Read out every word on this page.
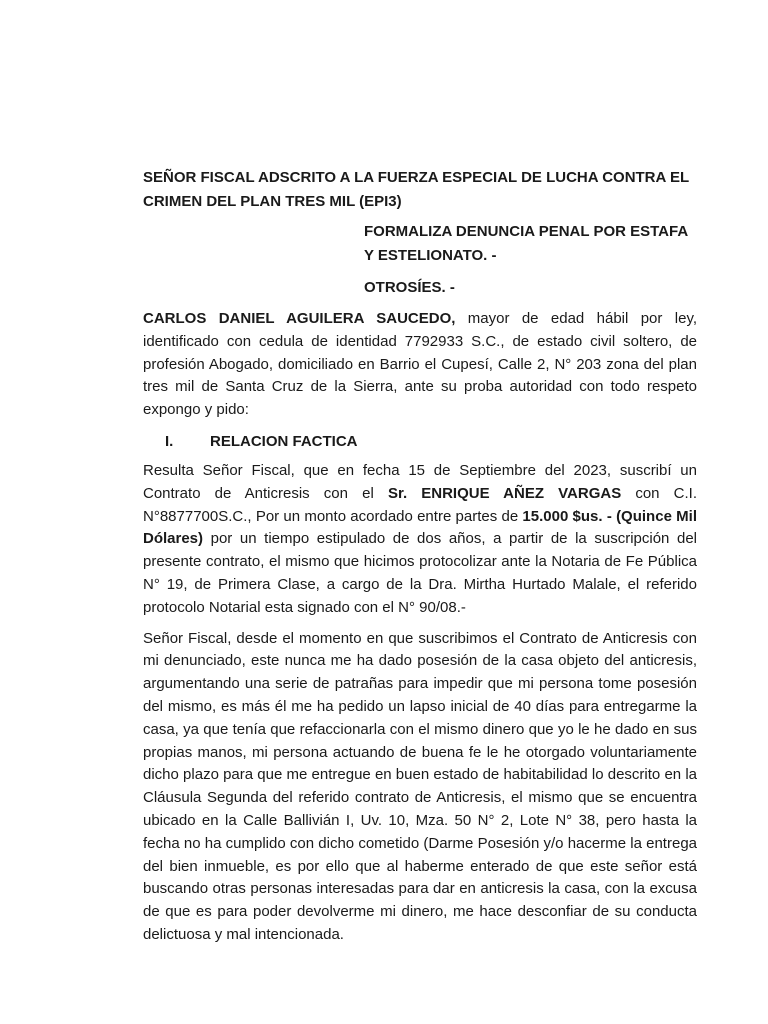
SEÑOR FISCAL ADSCRITO A LA FUERZA ESPECIAL DE LUCHA CONTRA EL CRIMEN DEL PLAN TRES MIL (EPI3)

FORMALIZA DENUNCIA PENAL POR ESTAFA

Y ESTELIONATO. -

OTROSÍES. -

CARLOS DANIEL AGUILERA SAUCEDO, mayor de edad hábil por ley, identificado con cedula de identidad 7792933 S.C., de estado civil soltero, de profesión Abogado, domiciliado en Barrio el Cupesí, Calle 2, N° 203 zona del plan tres mil de Santa Cruz de la Sierra, ante su proba autoridad con todo respeto expongo y pido:

I. RELACION FACTICA

Resulta Señor Fiscal, que en fecha 15 de Septiembre del 2023, suscribí un Contrato de Anticresis con el Sr. ENRIQUE AÑEZ VARGAS con C.I. N°8877700S.C., Por un monto acordado entre partes de 15.000 $us. - (Quince Mil Dólares) por un tiempo estipulado de dos años, a partir de la suscripción del presente contrato, el mismo que hicimos protocolizar ante la Notaria de Fe Pública N° 19, de Primera Clase, a cargo de la Dra. Mirtha Hurtado Malale, el referido protocolo Notarial esta signado con el N° 90/08.-

Señor Fiscal, desde el momento en que suscribimos el Contrato de Anticresis con mi denunciado, este nunca me ha dado posesión de la casa objeto del anticresis, argumentando una serie de patrañas para impedir que mi persona tome posesión del mismo, es más él me ha pedido un lapso inicial de 40 días para entregarme la casa, ya que tenía que refaccionarla con el mismo dinero que yo le he dado en sus propias manos, mi persona actuando de buena fe le he otorgado voluntariamente dicho plazo para que me entregue en buen estado de habitabilidad lo descrito en la Cláusula Segunda del referido contrato de Anticresis, el mismo que se encuentra ubicado en la Calle Ballivián I, Uv. 10, Mza. 50 N° 2, Lote N° 38, pero hasta la fecha no ha cumplido con dicho cometido (Darme Posesión y/o hacerme la entrega del bien inmueble, es por ello que al haberme enterado de que este señor está buscando otras personas interesadas para dar en anticresis la casa, con la excusa de que es para poder devolverme mi dinero, me hace desconfiar de su conducta delictuosa y mal intencionada.
